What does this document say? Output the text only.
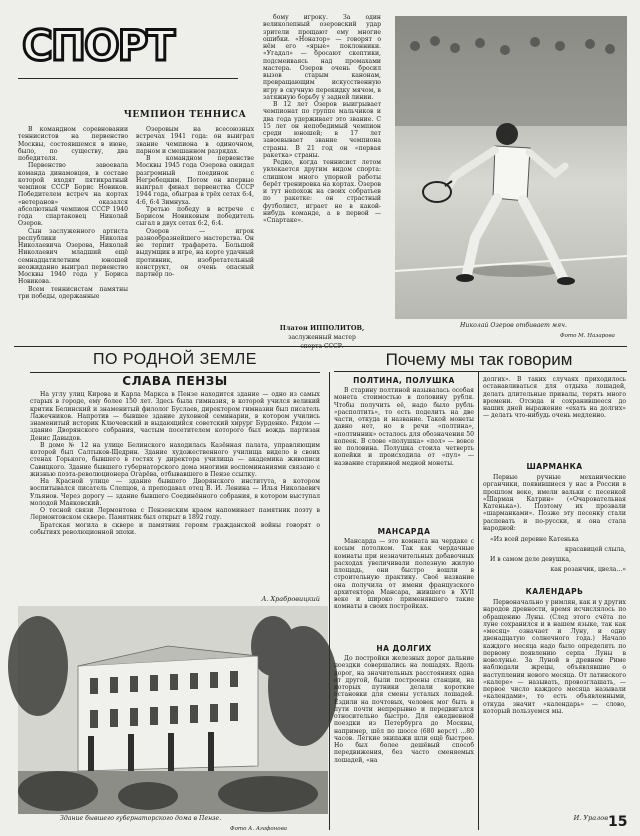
СПОРТ
ЧЕМПИОН ТЕННИСА

В командном соревновании теннисистов на первенство Москвы, состоявшемся в июне, было, по существу, два победителя.

Первенство завоевала команда динамовцев, в составе которой входят пятикратный чемпион СССР Борис Новиков. Победителем встреч на кортах «ветеранов» оказался абсолютный чемпион СССР 1940 года спартаковец Николай Озеров.

Сын заслуженного артиста республики Николая Николаевича Озерова, Николай Николаевич младший ещё семнадцатилетним юношей неожиданно выиграл первенство Москвы 1940 года у Бориса Новикова.

Всем теннисистам памятны три победы, одержанные

Озеровым на всесоюзных встречах 1941 года: он выиграл звание чемпиона в одиночном, парном и смешанном разрядах.

В командном первенстве Москвы 1945 года Озерова ожидал разгромный поединок с Негребецким. Потом он впервые выиграл финал первенства СССР 1944 года, обыграв в трёх сетах 6:4, 4:6, 6:4 Зимнуха.

Третью победу в встрече с Борисом Новиковым победитель сыгал в двух сетах 6:2, 6:4.

Озеров — игрок разнообразнейшего мастерства. Он не терпит трафарета. Большой выдумщик в игре, на корте удачный противник, изобретательный конструкт, он очень опасный партнёр ло-

бому игроку. За один великолепный озеровский удар зрители прощают ему многие ошибки. «Нонатор» — говорят о нём его «ярые» поклонники. «Угадал» — бросают скептики, подсмеиваясь над промахами мастера. Озеров очень бросил вызов старым канонам, превращающим искусственную игру в скучную перекидку мячом, в затяжную борьбу у задней линии.

В 12 лет Озеров выигрывает чемпионат по группе мальчиков и два года удерживает это звание. С 15 лет он непобедимый чемпион среди юношей; в 17 лет завоевывает звание чемпиона страны. В 21 год он «первая ракетка» страны.

Редко, когда теннисист летом увлекается другим видом спорта: слишком много упорной работы берёт тренировка на кортах. Озеров и тут непохож на своих собратьев по ракетке: он страстный футболист, играет не в какой-нибудь команде, а в первой — «Спартаке».

Платон ИППОЛИТОВ,
заслуженный мастер
Николай Озеров отбивает мяч.
Фото М. Назарова
ПО РОДНОЙ ЗЕМЛЕ
СЛАВА ПЕНЗЫ

На углу улиц Кирова и Карла Маркса в Пензе находится здание — одно из самых старых в городе, ему более 150 лет. Здесь была гимназия, в которой учился великий критик Белинский и знаменитый филолог Буслаев, директором гимназии был писатель Лажечников. Напротив — бывшее здание духовной семинарии, в котором учились знаменитый историк Ключевский и выдающийся советский хирург Бурденко. Рядом — здание Дворянского собрания, частым посетителем которого был вождь партизан Денис Давыдов.

В доме № 12 на улице Белинского находилась Казённая палата, управляющим которой был Салтыков-Щедрин. Здание художественного училища видело в своих стенах Горького, бывшего в гостях у директора училища — академика живописи Савицкого. Здание бывшего губернаторского дома многими воспоминаниями связано с жизнью поэта-революционера Огарёва, отбывавшего в Пензе ссылку.

На Красной улице — здание бывшего Дворянского института, в котором воспитывался писатель Слепцов, а преподавал отец В. И. Ленина — Илья Николаевич Ульянов. Через дорогу — здание бывшего Соединённого собрания, в котором выступал молодой Маяковский.

О тесной связи Лермонтова с Пензенским краем напоминает памятник поэту в Лермонтовском сквере. Памятник был открыт в 1892 году.

Братская могила в сквере и памятник героям гражданской войны говорят о событиях революционной эпохи.

А. Храбровицкий
Здание бывшего губернаторского дома в Пензе.
Фото А. Агафонова
Почему мы так говорим
ПОЛТИНА, ПОЛУШКА

В старину полтиной называлась особая монета стоимостью в половину рубля. Чтобы получить её, надо было рубль «располтить», то есть поделить на две части, откуда и название. Такой монеты давно нет, но в речи «полтина», «полтинник» осталось для обозначения 50 копеек. В слове «полушка» «пол» — вовсе не половина. Полушка стоила четверть копейки и происходила от «пул» — название старинной медной монеты.

МАНСАРДА

Мансарда — это комната на чердаке с косым потолком. Так как чердачные комнаты при незначительных добавочных расходах увеличивали полезную жилую площадь, они быстро вошли в строительную практику. Своё название она получила от имени французского архитектора Мансара, жившего в XVII веке и широко применявшего такие комнаты в своих постройках.

НА ДОЛГИХ

До постройки железных дорог дальние поездки совершались на лошадях. Вдоль дорог, на значительных расстояниях одна от другой, были построены станции, на которых путники делали короткие остановки для смены усталых лошадей. Ездили на почтовых, человек мог быть в пути почти непрерывно и передвигался относительно быстро. Для ежедневной поездки из Петербурга до Москвы, например, шёл по шоссе (680 верст) ...80 часов. Легкие экипажи шли ещё быстрее. Но был более дешёвый способ передвижения, без часто сменяемых лошадей, «на

долгих». В таких случаях приходилось останавливаться для отдыха лошадей, делать длительные привалы, терять много времени. Отсюда и сохранившееся до наших дней выражение «ехать на долгих» — делать что-нибудь очень медленно.

ШАРМАНКА

Первые ручные механические органчики, появившиеся у нас в России в прошлом веке, имели вальки с песенкой «Шарман Катрин» («Очаровательная Катенька»). Поэтому их прозвали «шарманками». Позже эту песенку стали распевать и по-русски, и она стала народной:

«Из всей деревне Катенька
красавицей слыла,
И в самом деле девушка,
как розанчик, цвела...»
КАЛЕНДАРЬ

Первоначально у римлян, как и у других народов древности, время исчислялось по обращению Луны. (След этого счёта по луне сохранился и в нашем языке, так как «месяц» означает и Луну, и одну двенадцатую солнечного года.) Начало каждого месяца надо было определять по первому появлению серпа Луны в новолунье. За Луной в древнем Риме наблюдали жрецы, объявлявшие о наступлении нового месяца. От латинского «калере» — называть, провозглашать, — первое число каждого месяца называли «календами», то есть объявленными, откуда значит «календарь» — слово, который пользуемся мы.

И. Уралов 15
